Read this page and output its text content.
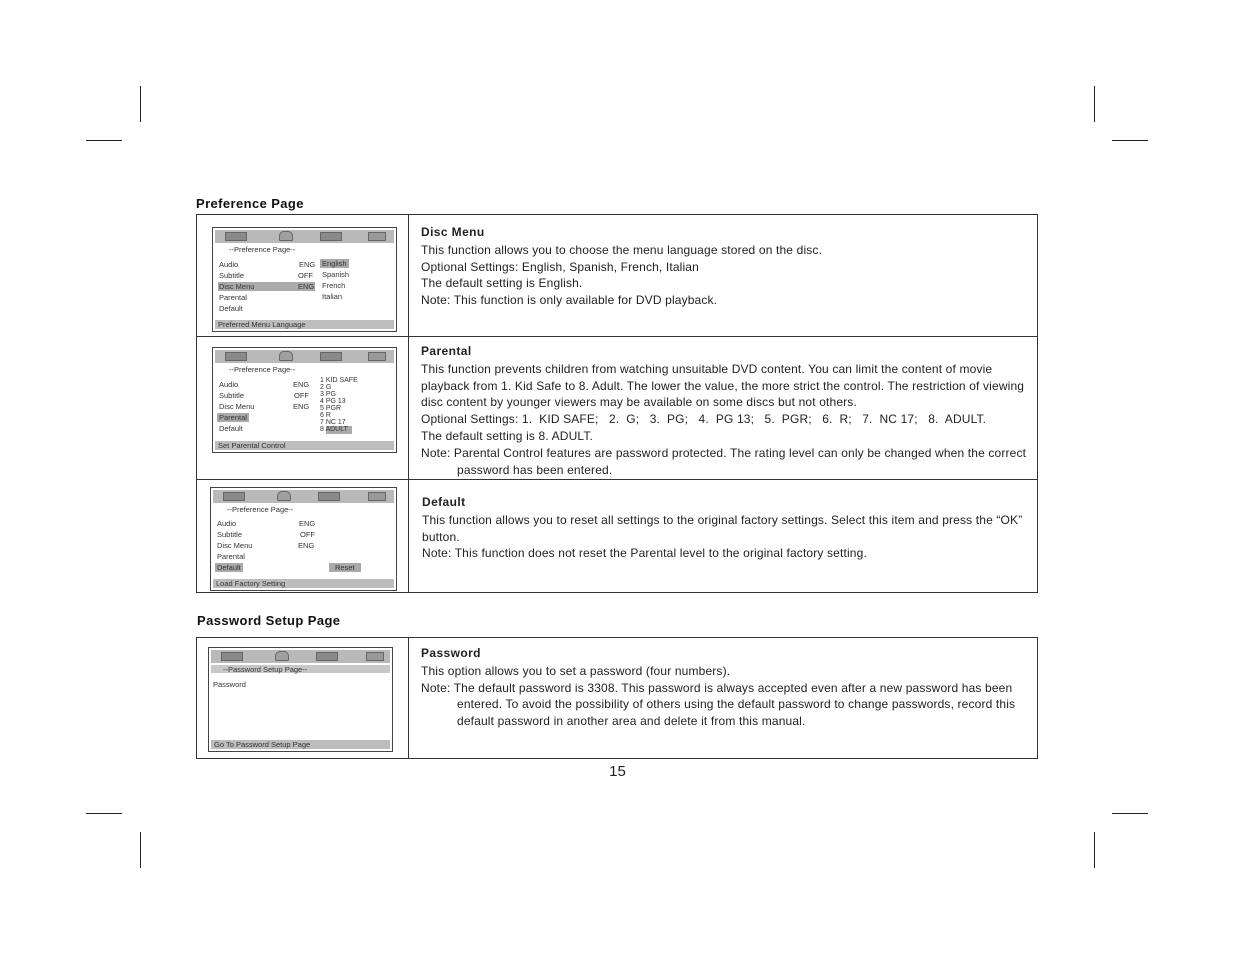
Preference Page
--Preference Page--
Audio
Subtitle
Disc Menu
Parental
Default
ENG
OFF
ENG
English
Spanish
French
Italian
Preferred Menu Language
Disc Menu

This function allows you to choose the menu language stored on the disc.

Optional Settings: English, Spanish, French, Italian

The default setting is English.

Note: This function is only available for DVD playback.

--Preference Page--
Audio
Subtitle
Disc Menu
Parental
Default
ENG
OFF
ENG
1 KID SAFE
2 G
3 PG
4 PG 13
5 PGR
6 R
7 NC 17
8 ADULT
Set Parental Control
Parental

This function prevents children from watching unsuitable DVD content. You can limit the content of movie playback from 1. Kid Safe to 8. Adult. The lower the value, the more strict the control. The restriction of viewing disc content by younger viewers may be available on some discs but not others.

Optional Settings: 1.  KID SAFE;   2.  G;   3.  PG;   4.  PG 13;   5.  PGR;   6.  R;   7.  NC 17;   8.  ADULT.

The default setting is 8. ADULT.

Note: Parental Control features are password protected. The rating level can only be changed when the correct password has been entered.

--Preference Page--
Audio
Subtitle
Disc Menu
Parental
Default
ENG
OFF
ENG
Reset
Load Factory Setting
Default

This function allows you to reset all settings to the original factory settings. Select this item and press the “OK” button.

Note: This function does not reset the Parental level to the original factory setting.

Password Setup Page
--Password Setup Page--
Password
Go To Password Setup Page
Password

This option allows you to set a password (four numbers).

Note: The default password is 3308. This password is always accepted even after a new password has been entered. To avoid the possibility of others using the default password to change passwords, record this default password in another area and delete it from this manual.

15
